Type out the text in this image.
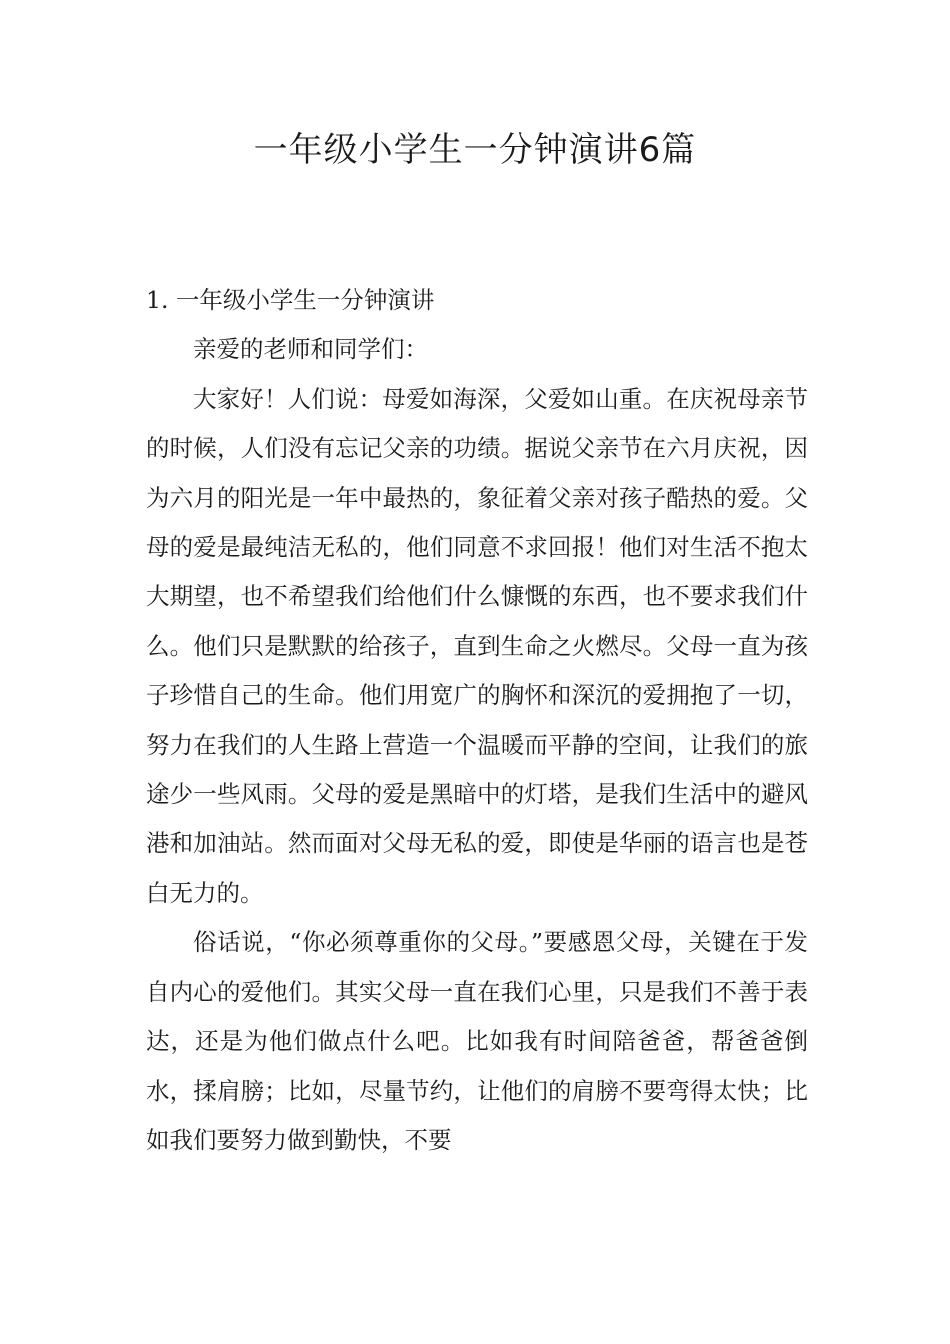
一年级小学生一分钟演讲6篇
1. 一年级小学生一分钟演讲

亲爱的老师和同学们：

大家好！人们说：母爱如海深，父爱如山重。在庆祝母亲节的时候，人们没有忘记父亲的功绩。据说父亲节在六月庆祝，因为六月的阳光是一年中最热的，象征着父亲对孩子酷热的爱。父母的爱是最纯洁无私的，他们同意不求回报！他们对生活不抱太大期望，也不希望我们给他们什么慷慨的东西，也不要求我们什么。他们只是默默的给孩子，直到生命之火燃尽。父母一直为孩子珍惜自己的生命。他们用宽广的胸怀和深沉的爱拥抱了一切，努力在我们的人生路上营造一个温暖而平静的空间，让我们的旅途少一些风雨。父母的爱是黑暗中的灯塔，是我们生活中的避风港和加油站。然而面对父母无私的爱，即使是华丽的语言也是苍白无力的。

俗话说，“你必须尊重你的父母。”要感恩父母，关键在于发自内心的爱他们。其实父母一直在我们心里，只是我们不善于表达，还是为他们做点什么吧。比如我有时间陪爸爸，帮爸爸倒水，揉肩膀；比如，尽量节约，让他们的肩膀不要弯得太快；比如我们要努力做到勤快，不要
